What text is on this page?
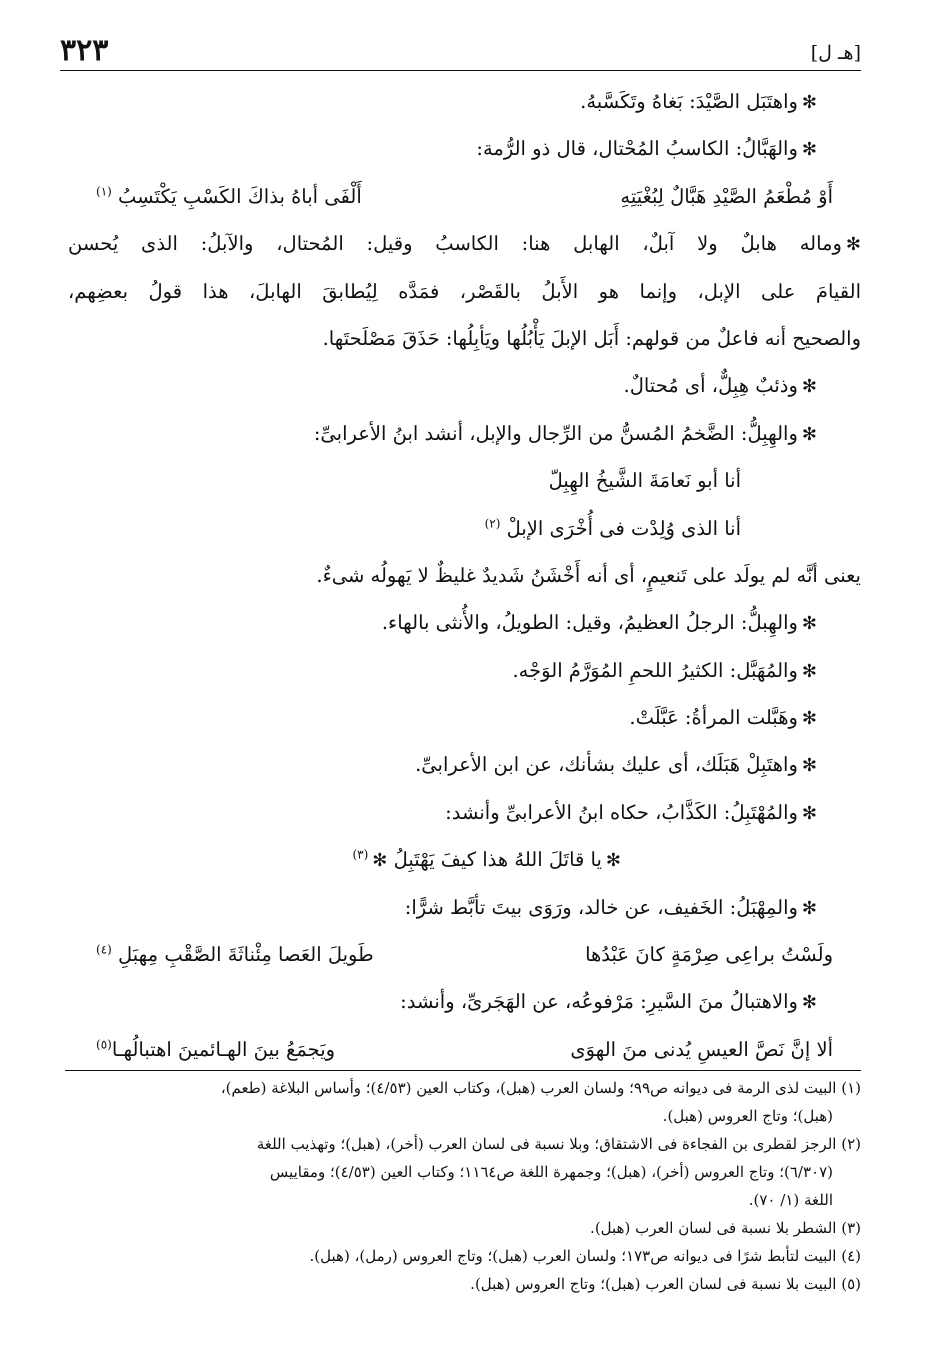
٣٢٣	[هـ ل]
✻واهتَبَل الصَّيْدَ: بَغاهُ وتَكَسَّبهُ.
✻والهَبَّالُ: الكاسبُ المُحْتال، قال ذو الرُّمة:
أَوْ مُطْعَمُ الصَّيْدِ هَبَّالٌ لِبُغْيَتِهِ
أَلْفَى أباهُ بذاكَ الكَسْبِ يَكْتَسِبُ $^{(١)}$
✻وماله هابلٌ ولا آبلٌ، الهابل هنا: الكاسبُ وقيل: المُحتال، والآبلُ: الذى يُحسن
القيامَ على الإبل، وإنما هو الأَبلُ بالقَصْر، فمَدَّه لِيُطابقَ الهابلَ، هذا قولُ بعضِهم،
والصحيح أنه فاعلٌ من قولهم: أَبَل الإبلَ يَأْبُلُها ويَأبِلُها: حَذَقَ مَصْلَحتَها.
✻وذئبٌ هِبِلٌّ، أى مُحتالٌ.
✻والهِبِلُّ: الضَّخمُ المُسنُّ من الرِّجال والإبل، أنشد ابنُ الأعرابىِّ:
أنا أبو نَعامَةَ الشَّيخُ الهِبِلّ
أنا الذى وُلِدْت فى أُخْرَى الإبلْ $^{(٢)}$
يعنى أنَّه لم يولَد على تَنعيمٍ، أى أنه أَخْشَنُ شَديدٌ غليظٌ لا يَهولُه شىءٌ.
✻والهِبلُّ: الرجلُ العظيمُ، وقيل: الطويلُ، والأُنثى بالهاء.
✻والمُهَبَّل: الكثيرُ اللحمِ المُوَرَّمُ الوَجْه.
✻وهَبَّلت المرأةُ: عَبَّلَتْ.
✻واهتَبِلْ هَبَلَك، أى عليك بشأنك، عن ابن الأعرابىِّ.
✻والمُهْتَبِلُ: الكَذَّابُ، حكاه ابنُ الأعرابىِّ وأنشد:
✻يا قاتَلَ اللهُ هذا كيفَ يَهْتَبِلُ ✻$^{(٣)}$
✻والمِهْبَلُ: الخَفيف، عن خالد، ورَوَى بيتَ تأبَّط شرًّا:
ولَسْتُ براعِى صِرْمَةٍ كانَ عَبْدُها
طَويلَ العَصا مِئْناثَةَ الصَّقْبِ مِهبَلِ $^{(٤)}$
✻والاهتبالُ منَ السَّيرِ: مَرْفوعُه، عن الهَجَرىِّ، وأنشد:
ألا إنَّ نَصَّ العيسِ يُدنى منَ الهوَى
ويَجمَعُ بينَ الهـائمينَ اهتبالُهـا$^{(٥)}$
(١) البيت لذى الرمة فى ديوانه ص٩٩؛ ولسان العرب (هبل)، وكتاب العين (٤/٥٣)؛ وأساس البلاغة (طعم)،
(هبل)؛ وتاج العروس (هبل).
(٢) الرجز لقطرى بن الفجاءة فى الاشتقاق؛ وبلا نسبة فى لسان العرب (أخر)، (هبل)؛ وتهذيب اللغة
(٦/٣٠٧)؛ وتاج العروس (أخر)، (هبل)؛ وجمهرة اللغة ص١١٦٤؛ وكتاب العين (٤/٥٣)؛ ومقاييس
اللغة (١/ ٧٠).
(٣) الشطر بلا نسبة فى لسان العرب (هبل).
(٤) البيت لتأبط شرًا فى ديوانه ص١٧٣؛ ولسان العرب (هبل)؛ وتاج العروس (رمل)، (هبل).
(٥) البيت بلا نسبة فى لسان العرب (هبل)؛ وتاج العروس (هبل).
